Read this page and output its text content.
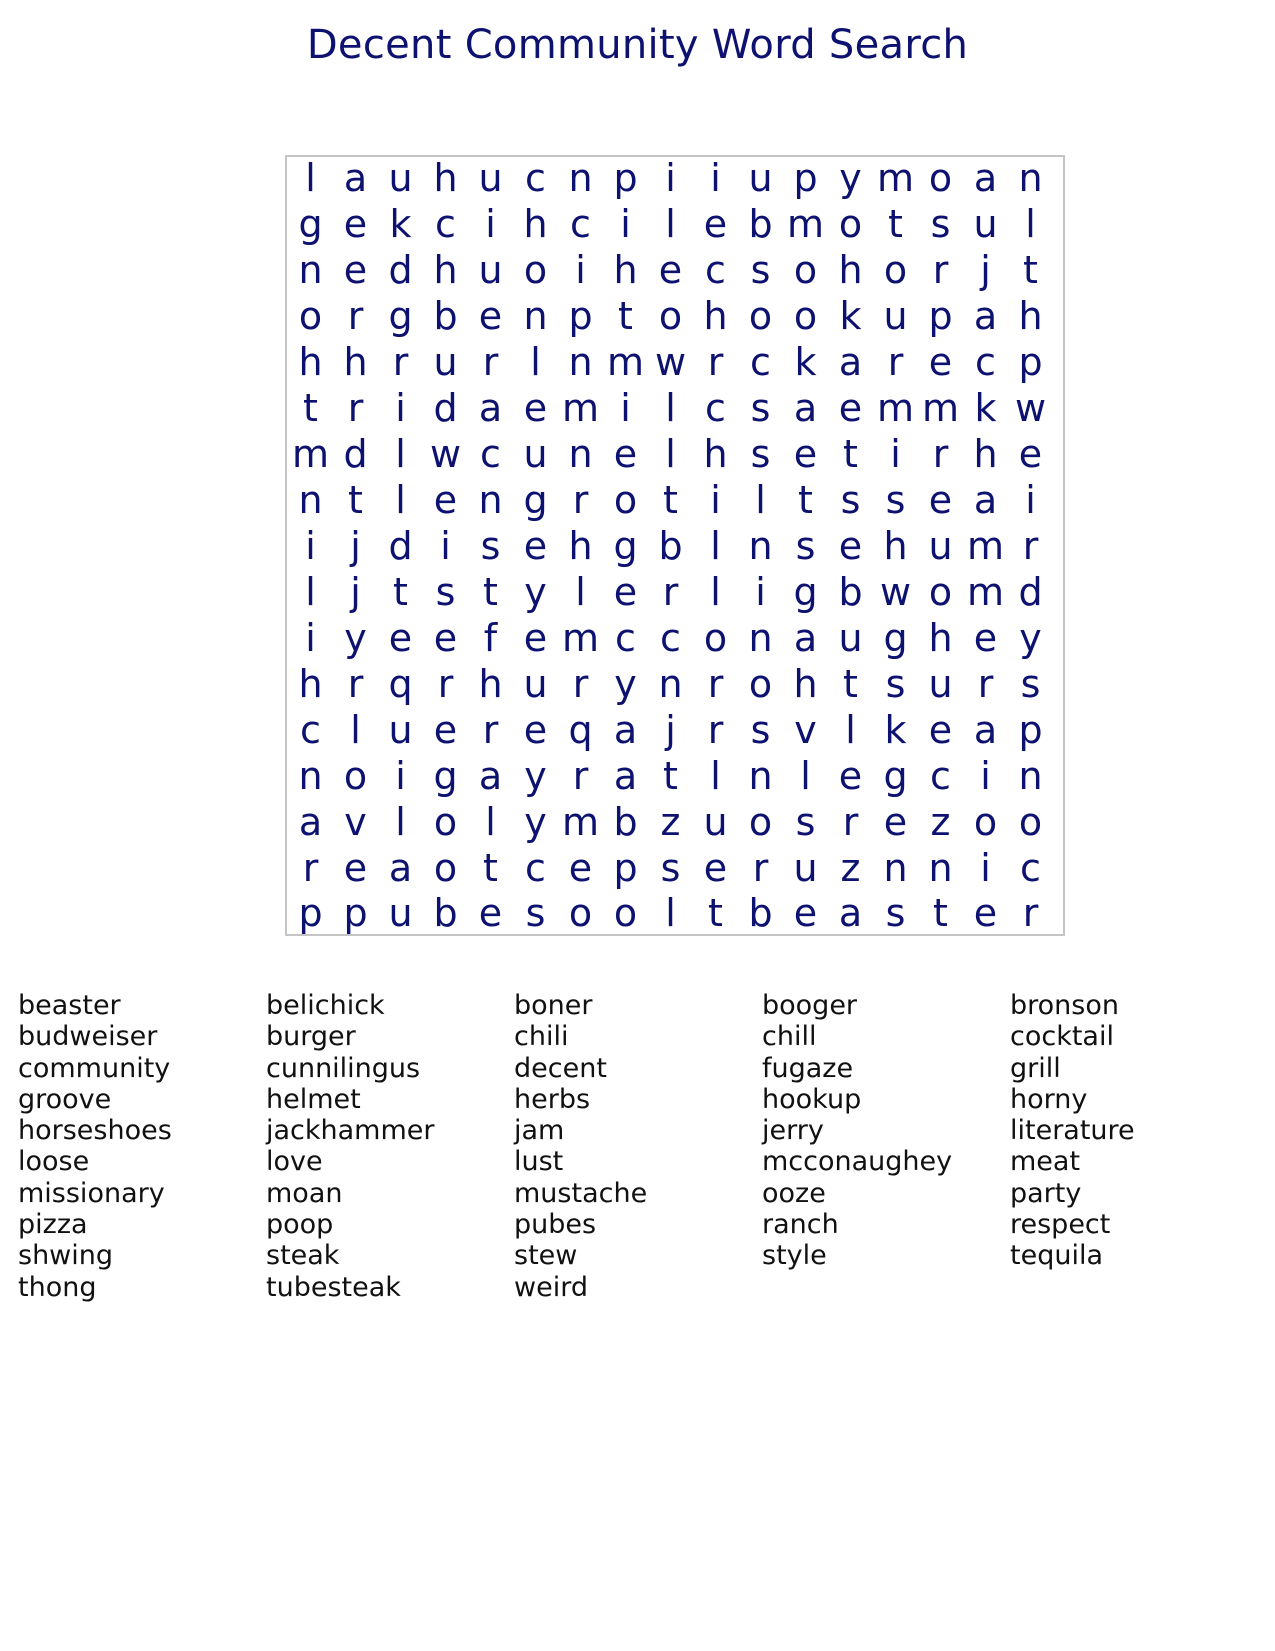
Decent Community Word Search
l a u h u c n p i i u p y m o a n
g e k c i h c i l e b m o t s u l
n e d h u o i h e c s o h o r j t
o r g b e n p t o h o o k u p a h
h h r u r l n m w r c k a r e c p
t r i d a e m i l c s a e m m k w
m d l w c u n e l h s e t i r h e
n t l e n g r o t i l t s s e a i
i j d i s e h g b l n s e h u m r
l j t s t y l e r l i g b w o m d
i y e e f e m c c o n a u g h e y
h r q r h u r y n r o h t s u r s
c l u e r e q a j r s v l k e a p
n o i g a y r a t l n l e g c i n
a v l o l y m b z u o s r e z o o
r e a o t c e p s e r u z n n i c
p p u b e s o o l t b e a s t e r
beaster
budweiser
community
groove
horseshoes
loose
missionary
pizza
shwing
thong
belichick
burger
cunnilingus
helmet
jackhammer
love
moan
poop
steak
tubesteak
boner
chili
decent
herbs
jam
lust
mustache
pubes
stew
weird
booger
chill
fugaze
hookup
jerry
mcconaughey
ooze
ranch
style
bronson
cocktail
grill
horny
literature
meat
party
respect
tequila
